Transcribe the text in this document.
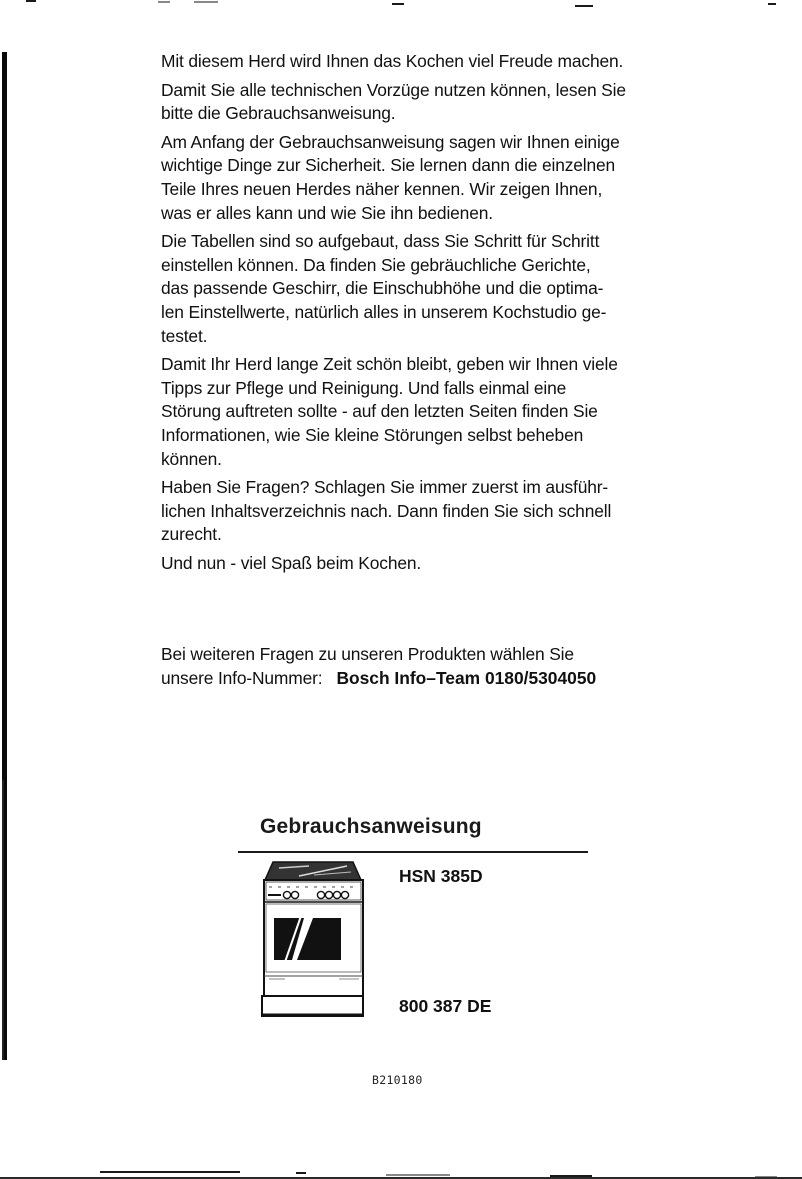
Mit diesem Herd wird Ihnen das Kochen viel Freude machen.

Damit Sie alle technischen Vorzüge nutzen können, lesen Sie
bitte die Gebrauchsanweisung.

Am Anfang der Gebrauchsanweisung sagen wir Ihnen einige
wichtige Dinge zur Sicherheit. Sie lernen dann die einzelnen
Teile Ihres neuen Herdes näher kennen. Wir zeigen Ihnen,
was er alles kann und wie Sie ihn bedienen.

Die Tabellen sind so aufgebaut, dass Sie Schritt für Schritt
einstellen können. Da finden Sie gebräuchliche Gerichte,
das passende Geschirr, die Einschubhöhe und die optima-
len Einstellwerte, natürlich alles in unserem Kochstudio ge-
testet.

Damit Ihr Herd lange Zeit schön bleibt, geben wir Ihnen viele
Tipps zur Pflege und Reinigung. Und falls einmal eine
Störung auftreten sollte - auf den letzten Seiten finden Sie
Informationen, wie Sie kleine Störungen selbst beheben
können.

Haben Sie Fragen? Schlagen Sie immer zuerst im ausführ-
lichen Inhaltsverzeichnis nach. Dann finden Sie sich schnell
zurecht.

Und nun - viel Spaß beim Kochen.

Bei weiteren Fragen zu unseren Produkten wählen Sie

unsere Info-Nummer: Bosch Info–Team 0180/5304050

Gebrauchsanweisung
HSN 385D
800 387 DE
B210180
